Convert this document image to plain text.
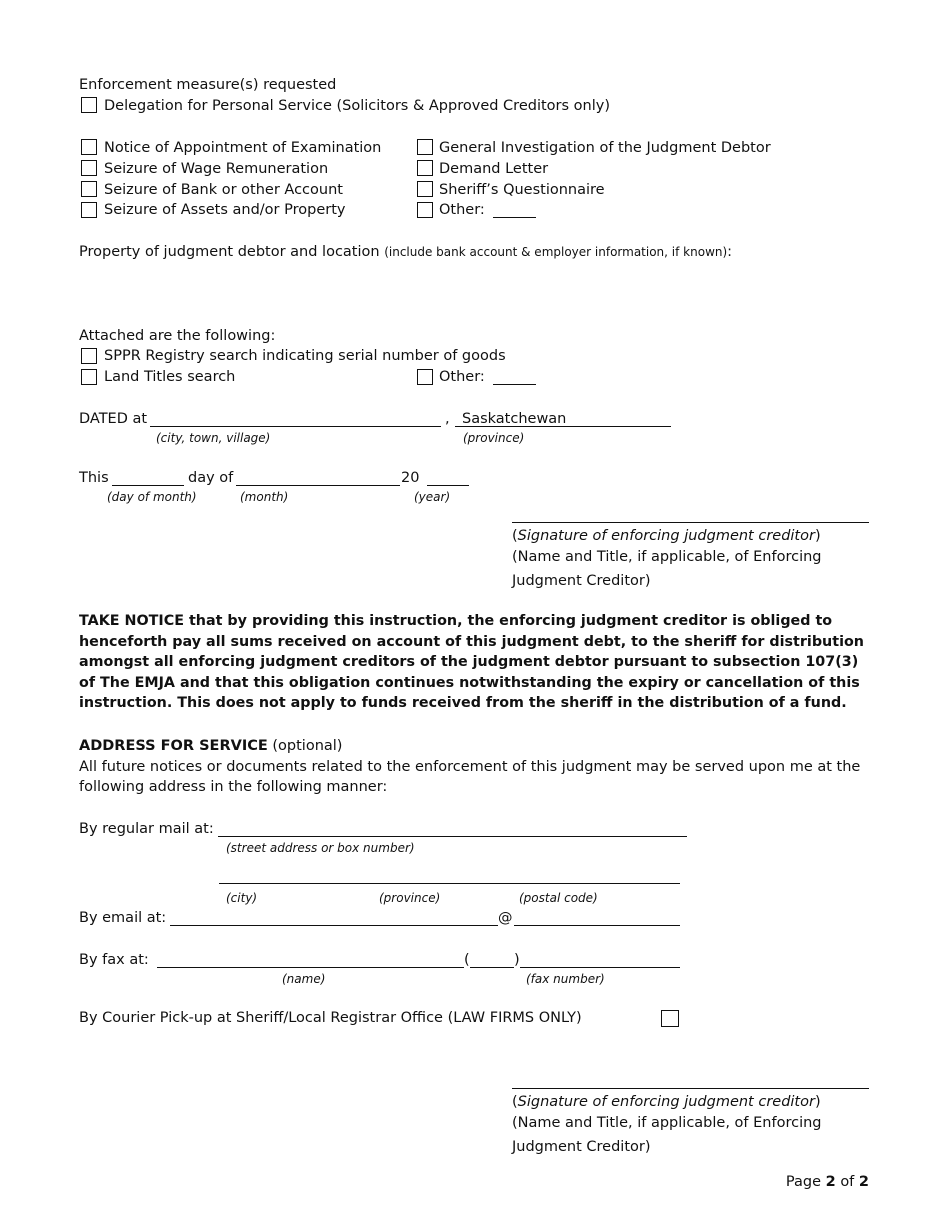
Enforcement measure(s) requested
Delegation for Personal Service (Solicitors & Approved Creditors only)
Notice of Appointment of Examination
Seizure of Wage Remuneration
Seizure of Bank or other Account
Seizure of Assets and/or Property
General Investigation of the Judgment Debtor
Demand Letter
Sheriff’s Questionnaire
Other:
Property of judgment debtor and location (include bank account & employer information, if known):
Attached are the following:
SPPR Registry search indicating serial number of goods
Land Titles search	Other:
DATED at	, Saskatchewan
(city, town, village)	(province)
This	day of	20
(day of month)	(month)	(year)
(Signature of enforcing judgment creditor)
(Name and Title, if applicable, of Enforcing
Judgment Creditor)
TAKE NOTICE that by providing this instruction, the enforcing judgment creditor is obliged to henceforth pay all sums received on account of this judgment debt, to the sheriff for distribution amongst all enforcing judgment creditors of the judgment debtor pursuant to subsection 107(3) of The EMJA and that this obligation continues notwithstanding the expiry or cancellation of this instruction. This does not apply to funds received from the sheriff in the distribution of a fund.
ADDRESS FOR SERVICE (optional)
All future notices or documents related to the enforcement of this judgment may be served upon me at the
following address in the following manner:
By regular mail at:
(street address or box number)
(city)	(province)	(postal code)
By email at:	@
By fax at:	(	)
(name)	(fax number)
By Courier Pick-up at Sheriff/Local Registrar Office (LAW FIRMS ONLY)
(Signature of enforcing judgment creditor)
(Name and Title, if applicable, of Enforcing
Judgment Creditor)
Page 2 of 2
